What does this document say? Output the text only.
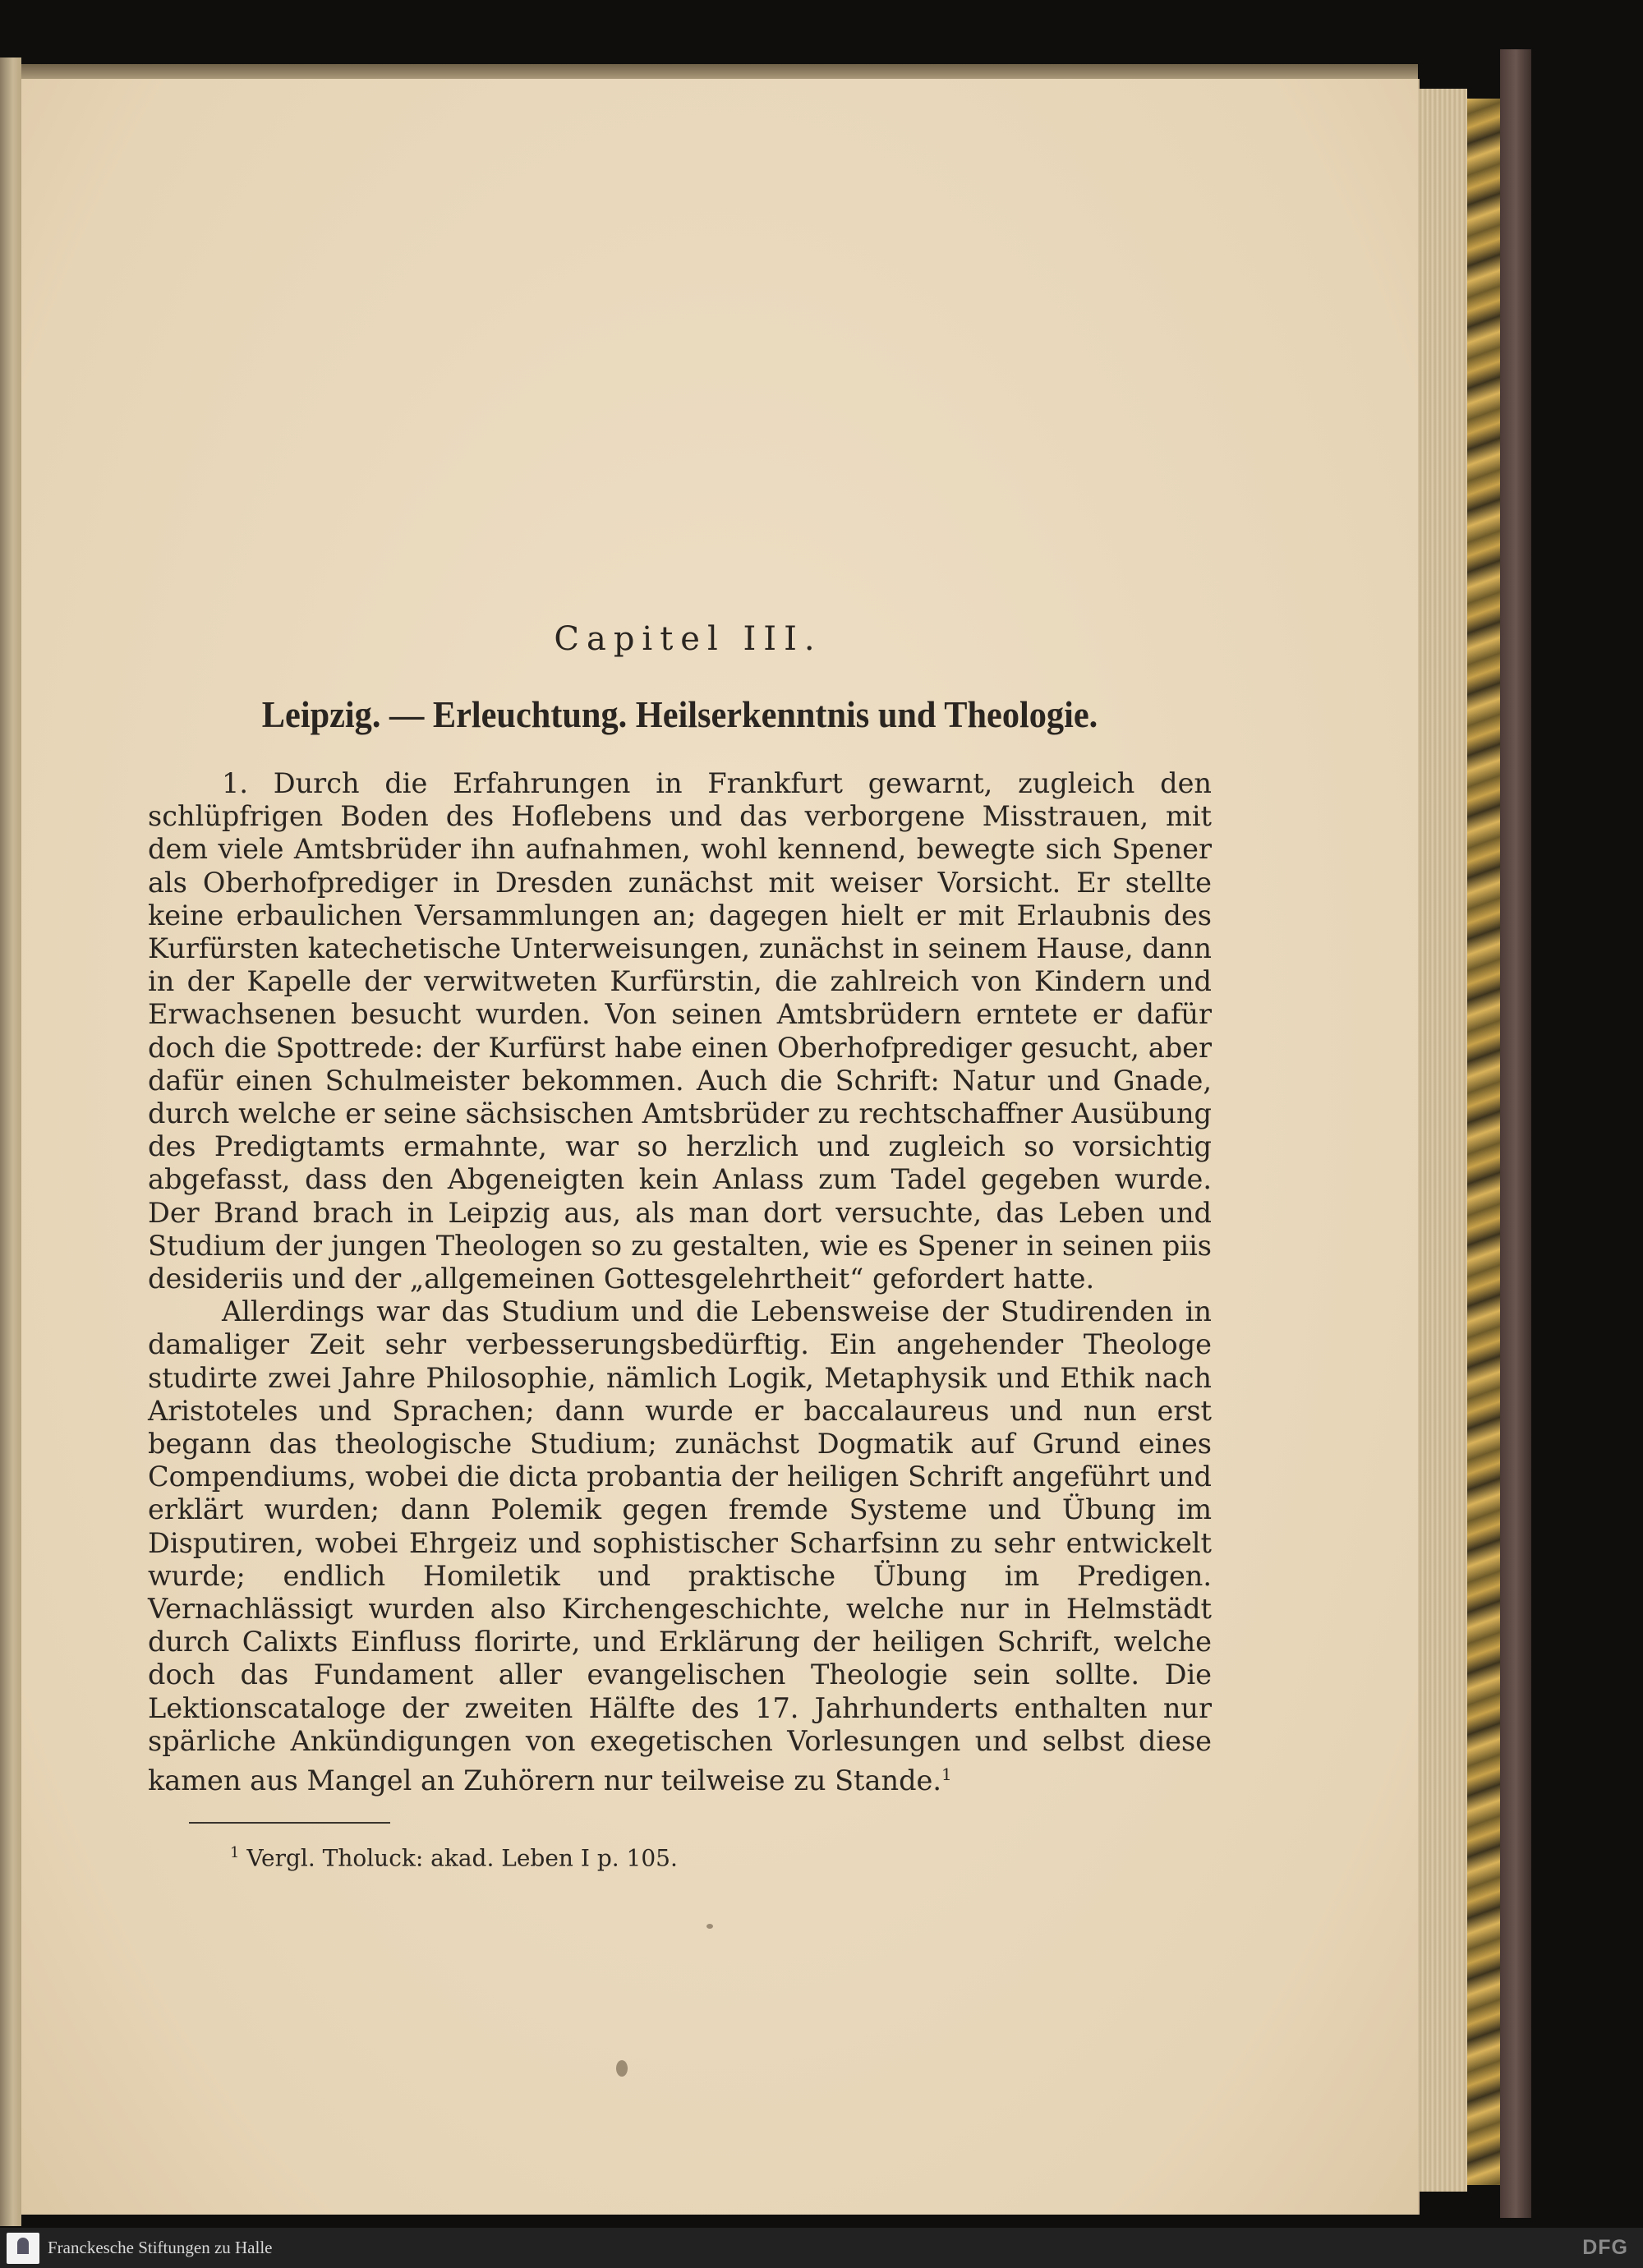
Capitel III.
Leipzig. — Erleuchtung. Heilserkenntnis und Theologie.

1. Durch die Erfahrungen in Frankfurt gewarnt, zugleich den schlüpfrigen Boden des Hoflebens und das verborgene Misstrauen, mit dem viele Amtsbrüder ihn aufnahmen, wohl kennend, bewegte sich Spener als Oberhofprediger in Dresden zunächst mit weiser Vorsicht. Er stellte keine erbaulichen Versammlungen an; dagegen hielt er mit Erlaubnis des Kurfürsten katechetische Unterweisungen, zunächst in seinem Hause, dann in der Kapelle der verwitweten Kurfürstin, die zahlreich von Kindern und Erwachsenen besucht wurden. Von seinen Amtsbrüdern erntete er dafür doch die Spottrede: der Kurfürst habe einen Oberhofprediger gesucht, aber dafür einen Schulmeister bekommen. Auch die Schrift: Natur und Gnade, durch welche er seine sächsischen Amtsbrüder zu rechtschaffner Ausübung des Predigtamts ermahnte, war so herzlich und zugleich so vorsichtig abgefasst, dass den Abgeneigten kein Anlass zum Tadel gegeben wurde. Der Brand brach in Leipzig aus, als man dort versuchte, das Leben und Studium der jungen Theologen so zu gestalten, wie es Spener in seinen piis desideriis und der „allgemeinen Gottesgelehrtheit“ gefordert hatte.

Allerdings war das Studium und die Lebensweise der Studirenden in damaliger Zeit sehr verbesserungsbedürftig. Ein angehender Theologe studirte zwei Jahre Philosophie, nämlich Logik, Metaphysik und Ethik nach Aristoteles und Sprachen; dann wurde er baccalaureus und nun erst begann das theologische Studium; zunächst Dogmatik auf Grund eines Compendiums, wobei die dicta probantia der heiligen Schrift angeführt und erklärt wurden; dann Polemik gegen fremde Systeme und Übung im Disputiren, wobei Ehrgeiz und sophistischer Scharfsinn zu sehr entwickelt wurde; endlich Homiletik und praktische Übung im Predigen. Vernachlässigt wurden also Kirchengeschichte, welche nur in Helmstädt durch Calixts Einfluss florirte, und Erklärung der heiligen Schrift, welche doch das Fundament aller evangelischen Theologie sein sollte. Die Lektionscataloge der zweiten Hälfte des 17. Jahrhunderts enthalten nur spärliche Ankündigungen von exegetischen Vorlesungen und selbst diese kamen aus Mangel an Zuhörern nur teilweise zu Stande.$^1$

$^1$ Vergl. Tholuck: akad. Leben I p. 105.
Franckesche Stiftungen zu Halle	DFG
